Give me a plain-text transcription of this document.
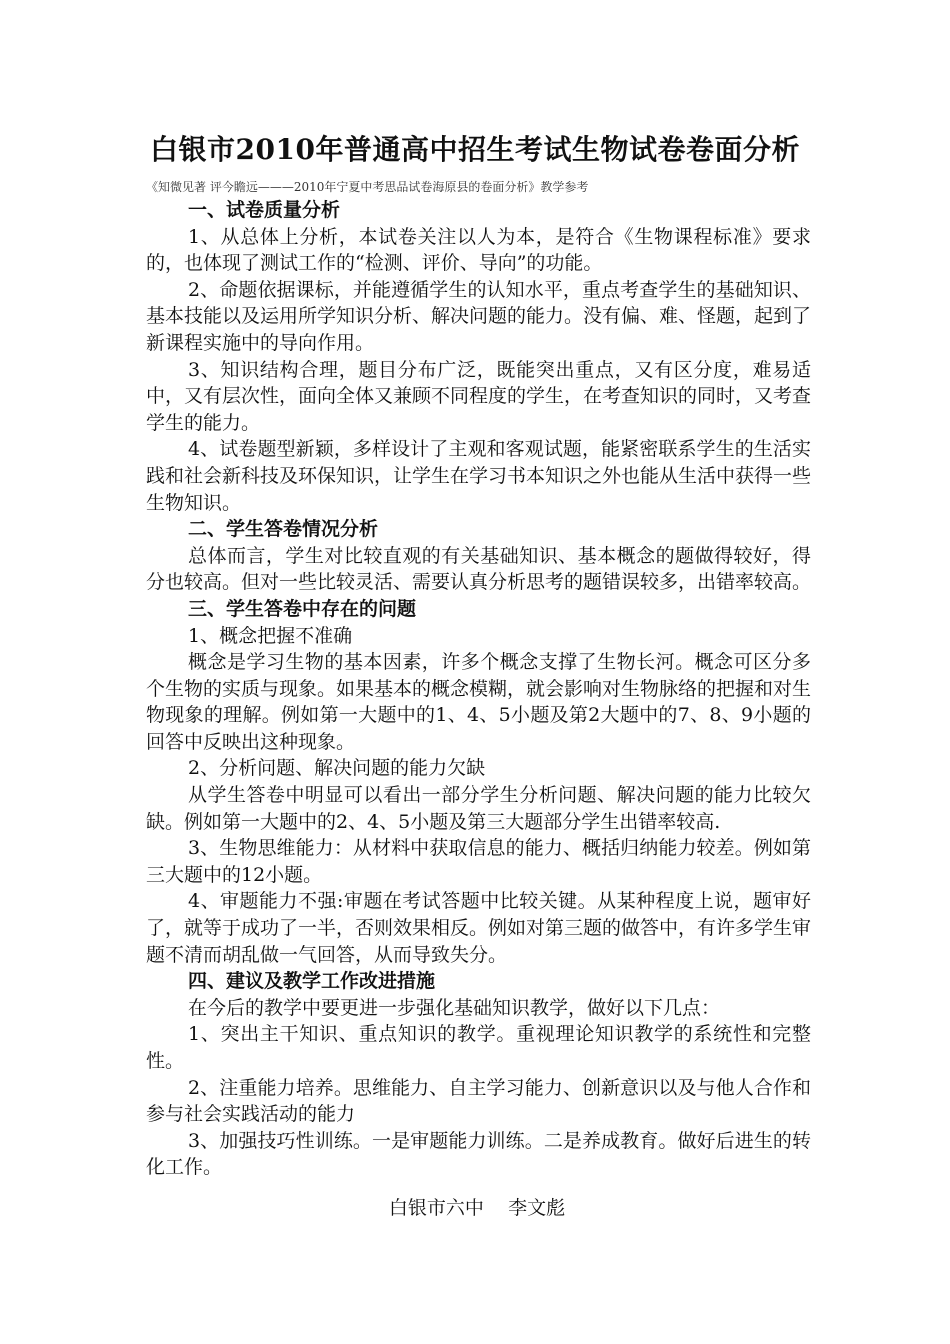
白银市2010年普通高中招生考试生物试卷卷面分析
《知微见著 评今瞻远———2010年宁夏中考思品试卷海原县的卷面分析》教学参考

一、试卷质量分析

1、从总体上分析，本试卷关注以人为本，是符合《生物课程标准》要求的，也体现了测试工作的“检测、评价、导向”的功能。

2、命题依据课标，并能遵循学生的认知水平，重点考查学生的基础知识、基本技能以及运用所学知识分析、解决问题的能力。没有偏、难、怪题，起到了新课程实施中的导向作用。

3、知识结构合理，题目分布广泛，既能突出重点，又有区分度，难易适中，又有层次性，面向全体又兼顾不同程度的学生，在考查知识的同时，又考查学生的能力。

4、试卷题型新颖，多样设计了主观和客观试题，能紧密联系学生的生活实践和社会新科技及环保知识，让学生在学习书本知识之外也能从生活中获得一些生物知识。

二、学生答卷情况分析

总体而言，学生对比较直观的有关基础知识、基本概念的题做得较好，得分也较高。但对一些比较灵活、需要认真分析思考的题错误较多，出错率较高。

三、学生答卷中存在的问题

1、概念把握不准确

概念是学习生物的基本因素，许多个概念支撑了生物长河。概念可区分多个生物的实质与现象。如果基本的概念模糊，就会影响对生物脉络的把握和对生物现象的理解。例如第一大题中的1、4、5小题及第2大题中的7、8、9小题的回答中反映出这种现象。

2、分析问题、解决问题的能力欠缺

从学生答卷中明显可以看出一部分学生分析问题、解决问题的能力比较欠缺。例如第一大题中的2、4、5小题及第三大题部分学生出错率较高.

3、生物思维能力：从材料中获取信息的能力、概括归纳能力较差。例如第三大题中的12小题。

4、审题能力不强:审题在考试答题中比较关键。从某种程度上说，题审好了，就等于成功了一半，否则效果相反。例如对第三题的做答中，有许多学生审题不清而胡乱做一气回答，从而导致失分。

四、建议及教学工作改进措施

在今后的教学中要更进一步强化基础知识教学，做好以下几点：

1、突出主干知识、重点知识的教学。重视理论知识教学的系统性和完整性。

2、注重能力培养。思维能力、自主学习能力、创新意识以及与他人合作和参与社会实践活动的能力

3、加强技巧性训练。一是审题能力训练。二是养成教育。做好后进生的转化工作。

白银市六中    李文彪
